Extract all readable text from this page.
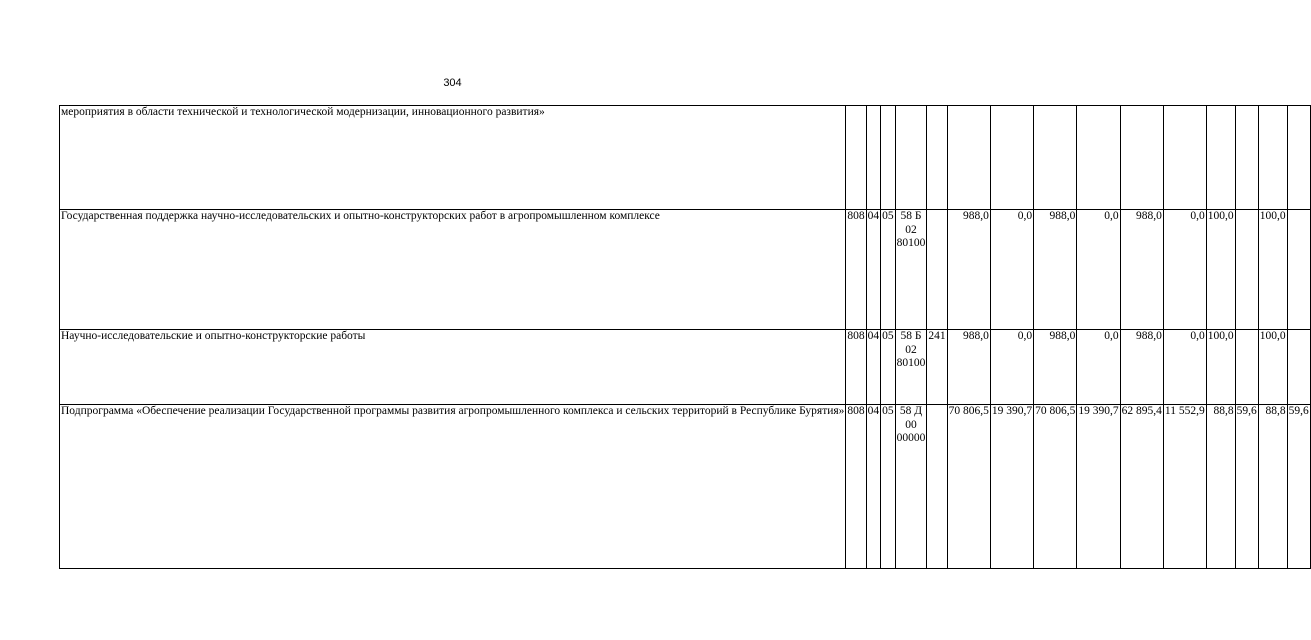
304
мероприятия в области технической и технологической модернизации, инновационного развития»															
Государственная поддержка научно-исследовательских и опытно-конструкторских работ в агропромышленном комплексе	808	04	05	58 Б 02 80100		988,0	0,0	988,0	0,0	988,0	0,0	100,0		100,0	
Научно-исследовательские и опытно-конструкторские работы	808	04	05	58 Б 02 80100	241	988,0	0,0	988,0	0,0	988,0	0,0	100,0		100,0	
Подпрограмма «Обеспечение реализации Государственной программы развития агропромышленного комплекса и сельских территорий в Республике Бурятия»	808	04	05	58 Д 00 00000		70 806,5	19 390,7	70 806,5	19 390,7	62 895,4	11 552,9	88,8	59,6	88,8	59,6
